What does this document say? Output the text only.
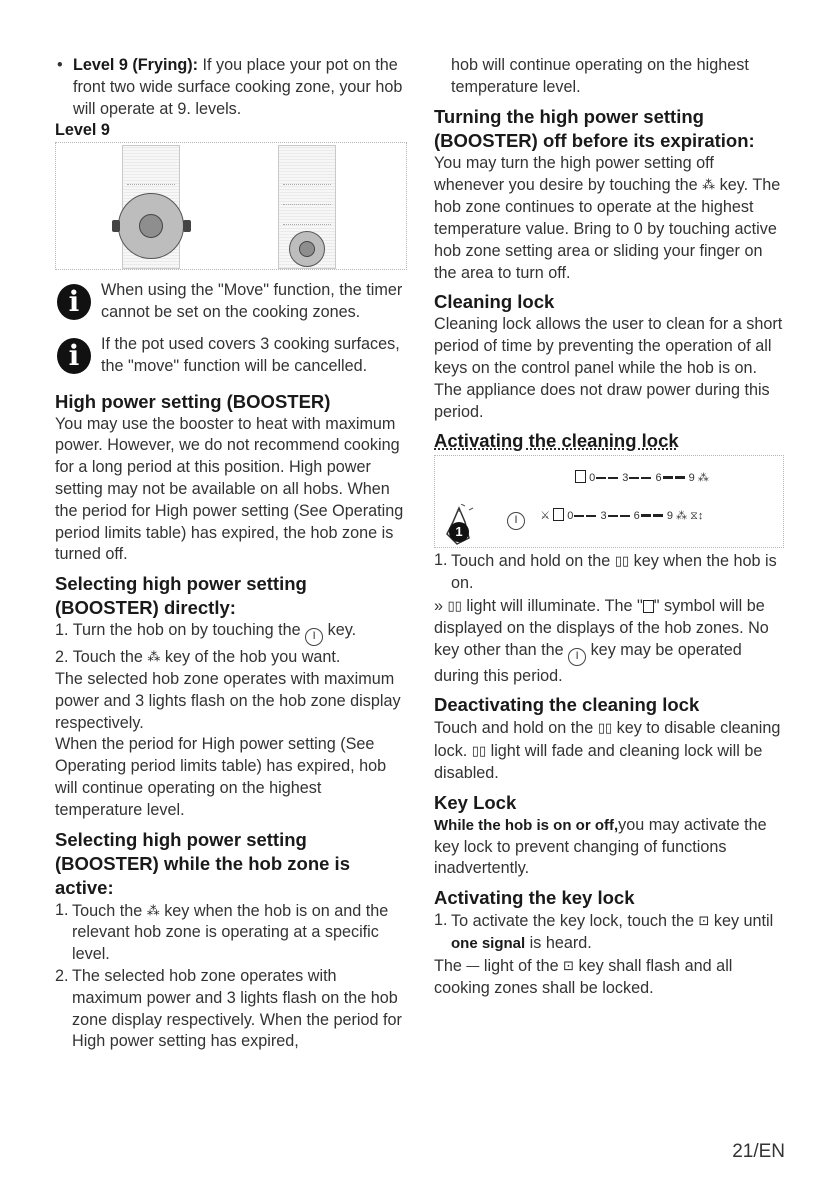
• Level 9 (Frying): If you place your pot on the front two wide surface cooking zone, your hob will operate at 9. levels.

Level 9
i	When using the "Move" function, the timer cannot be set on the cooking zones.

i	If the pot used covers 3 cooking surfaces, the "move" function will be cancelled.

High power setting (BOOSTER)

You may use the booster to heat with maximum power. However, we do not recommend cooking for a long period at this position. High power setting may not be available on all hobs. When the period for High power setting (See Operating period limits table) has expired, the hob zone is turned off.

Selecting high power setting (BOOSTER) directly:

1. Turn the hob on by touching the I key.

2. Touch the ⁂ key of the hob you want.

The selected hob zone operates with maximum power and 3 lights flash on the hob zone display respectively.

When the period for High power setting (See Operating period limits table) has expired, hob will continue operating on the highest temperature level.

Selecting high power setting (BOOSTER) while the hob zone is active:
1. Touch the ⁂ key when the hob is on and the relevant hob zone is operating at a specific level.
2. The selected hob zone operates with maximum power and 3 lights flash on the hob zone display respectively. When the period for High power setting has expired,

hob will continue operating on the highest temperature level.

Turning the high power setting (BOOSTER) off before its expiration:

You may turn the high power setting off whenever you desire by touching the ⁂ key. The hob zone continues to operate at the highest temperature value. Bring to 0 by touching active hob zone setting area or sliding your finger on the area to turn off.

Cleaning lock

Cleaning lock allows the user to clean for a short period of time by preventing the operation of all keys on the control panel while the hob is on. The appliance does not draw power during this period.

Activating the cleaning lock
0 3 6 9 ⁂
I ⚔ 0 3 6 9 ⁂ ⧖↕
1
1. Touch and hold on the ▯▯ key when the hob is on.

» ▯▯ light will illuminate. The " " symbol will be displayed on the displays of the hob zones. No key other than the I key may be operated during this period.

Deactivating the cleaning lock

Touch and hold on the ▯▯ key to disable cleaning lock. ▯▯ light will fade and cleaning lock will be disabled.

Key Lock

While the hob is on or off,you may activate the key lock to prevent changing of functions inadvertently.

Activating the key lock
1. To activate the key lock, touch the ⊡ key until one signal is heard.

The — light of the ⊡ key shall flash and all cooking zones shall be locked.

21/EN
